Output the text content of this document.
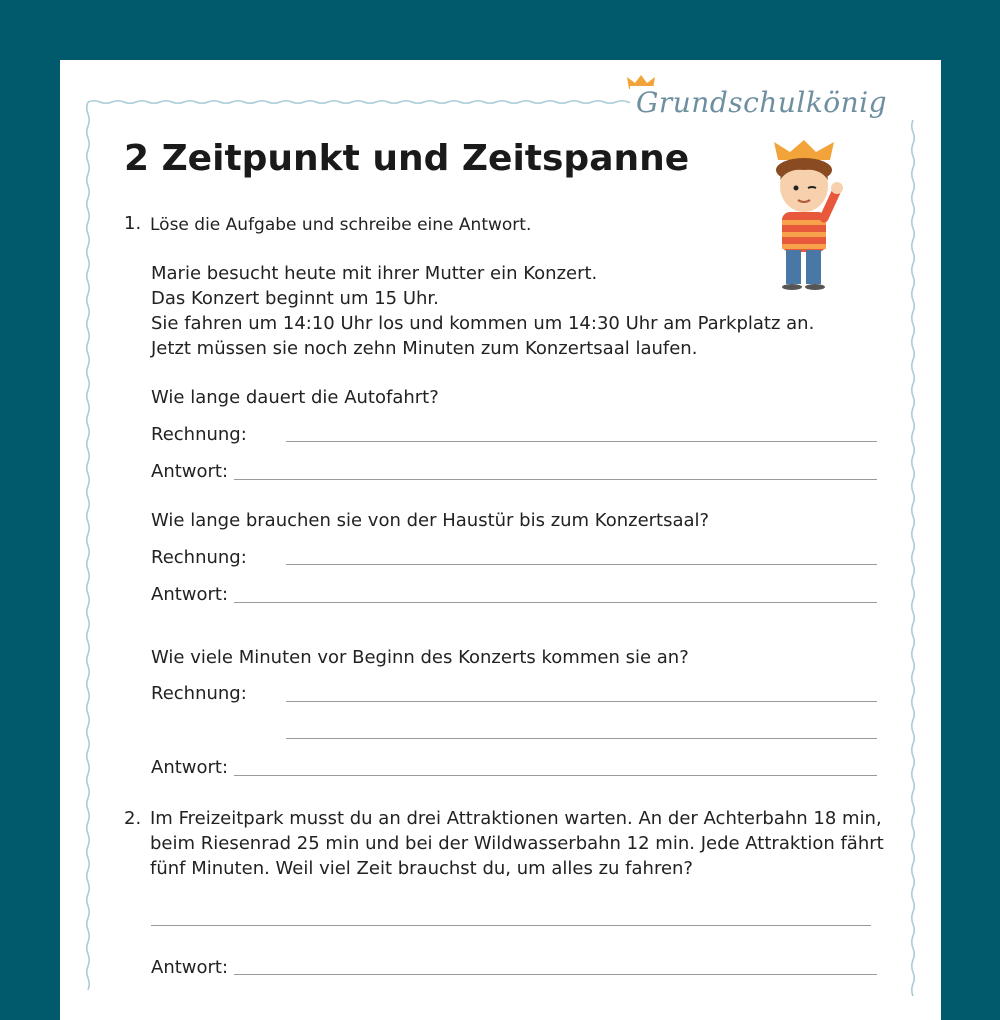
Grundschulkönig
2 Zeitpunkt und Zeitspanne
1. Löse die Aufgabe und schreibe eine Antwort.
Marie besucht heute mit ihrer Mutter ein Konzert.
Das Konzert beginnt um 15 Uhr.
Sie fahren um 14:10 Uhr los und kommen um 14:30 Uhr am Parkplatz an.
Jetzt müssen sie noch zehn Minuten zum Konzertsaal laufen.
Wie lange dauert die Autofahrt?
Rechnung:
Antwort:
Wie lange brauchen sie von der Haustür bis zum Konzertsaal?
Rechnung:
Antwort:
Wie viele Minuten vor Beginn des Konzerts kommen sie an?
Rechnung:
Antwort:
2. Im Freizeitpark musst du an drei Attraktionen warten. An der Achterbahn 18 min,
beim Riesenrad 25 min und bei der Wildwasserbahn 12 min. Jede Attraktion fährt
fünf Minuten. Weil viel Zeit brauchst du, um alles zu fahren?
Antwort:
